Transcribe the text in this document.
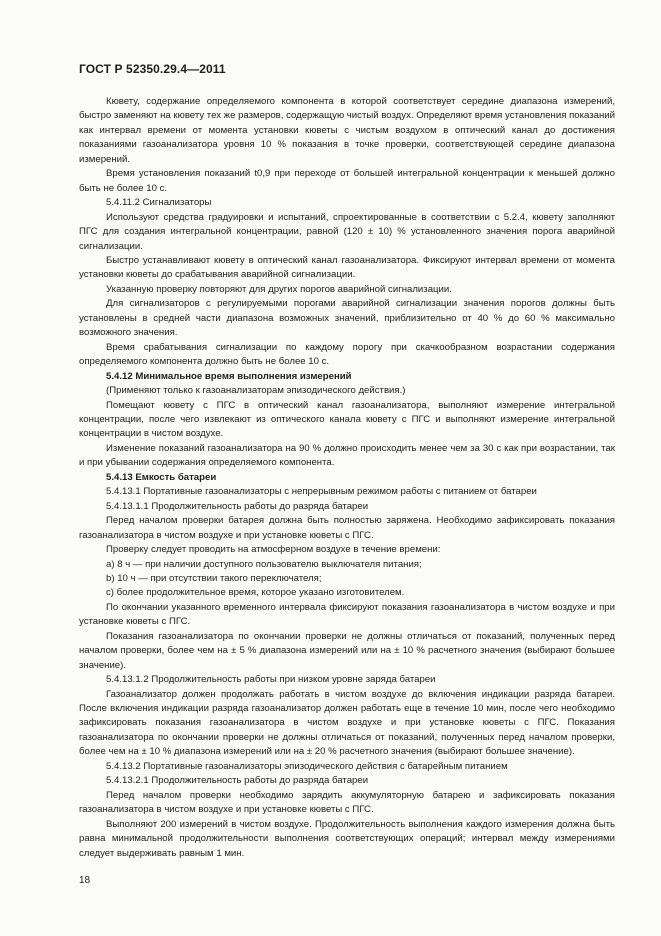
ГОСТ Р 52350.29.4—2011

Кювету, содержание определяемого компонента в которой соответствует середине диапазона измерений, быстро заменяют на кювету тех же размеров, содержащую чистый воздух. Определяют время установления показаний как интервал времени от момента установки кюветы с чистым воздухом в оптический канал до достижения показаниями газоанализатора уровня 10 % показания в точке проверки, соответствующей середине диапазона измерений.

Время установления показаний t0,9 при переходе от большей интегральной концентрации к меньшей должно быть не более 10 с.

5.4.11.2 Сигнализаторы

Используют средства градуировки и испытаний, спроектированные в соответствии с 5.2.4, кювету заполняют ПГС для создания интегральной концентрации, равной (120 ± 10) % установленного значения порога аварийной сигнализации.

Быстро устанавливают кювету в оптический канал газоанализатора. Фиксируют интервал времени от момента установки кюветы до срабатывания аварийной сигнализации.

Указанную проверку повторяют для других порогов аварийной сигнализации.

Для сигнализаторов с регулируемыми порогами аварийной сигнализации значения порогов должны быть установлены в средней части диапазона возможных значений, приблизительно от 40 % до 60 % максимально возможного значения.

Время срабатывания сигнализации по каждому порогу при скачкообразном возрастании содержания определяемого компонента должно быть не более 10 с.

5.4.12 Минимальное время выполнения измерений

(Применяют только к газоанализаторам эпизодического действия.)

Помещают кювету с ПГС в оптический канал газоанализатора, выполняют измерение интегральной концентрации, после чего извлекают из оптического канала кювету с ПГС и выполняют измерение интегральной концентрации в чистом воздухе.

Изменение показаний газоанализатора на 90 % должно происходить менее чем за 30 с как при возрастании, так и при убывании содержания определяемого компонента.

5.4.13 Емкость батареи

5.4.13.1 Портативные газоанализаторы с непрерывным режимом работы с питанием от батареи

5.4.13.1.1 Продолжительность работы до разряда батареи

Перед началом проверки батарея должна быть полностью заряжена. Необходимо зафиксировать показания газоанализатора в чистом воздухе и при установке кюветы с ПГС.

Проверку следует проводить на атмосферном воздухе в течение времени:

a) 8 ч — при наличии доступного пользователю выключателя питания;

b) 10 ч — при отсутствии такого переключателя;

c) более продолжительное время, которое указано изготовителем.

По окончании указанного временного интервала фиксируют показания газоанализатора в чистом воздухе и при установке кюветы с ПГС.

Показания газоанализатора по окончании проверки не должны отличаться от показаний, полученных перед началом проверки, более чем на ± 5 % диапазона измерений или на ± 10 % расчетного значения (выбирают большее значение).

5.4.13.1.2 Продолжительность работы при низком уровне заряда батареи

Газоанализатор должен продолжать работать в чистом воздухе до включения индикации разряда батареи. После включения индикации разряда газоанализатор должен работать еще в течение 10 мин, после чего необходимо зафиксировать показания газоанализатора в чистом воздухе и при установке кюветы с ПГС. Показания газоанализатора по окончании проверки не должны отличаться от показаний, полученных перед началом проверки, более чем на ± 10 % диапазона измерений или на ± 20 % расчетного значения (выбирают большее значение).

5.4.13.2 Портативные газоанализаторы эпизодического действия с батарейным питанием

5.4.13.2.1 Продолжительность работы до разряда батареи

Перед началом проверки необходимо зарядить аккумуляторную батарею и зафиксировать показания газоанализатора в чистом воздухе и при установке кюветы с ПГС.

Выполняют 200 измерений в чистом воздухе. Продолжительность выполнения каждого измерения должна быть равна минимальной продолжительности выполнения соответствующих операций; интервал между измерениями следует выдерживать равным 1 мин.

18
